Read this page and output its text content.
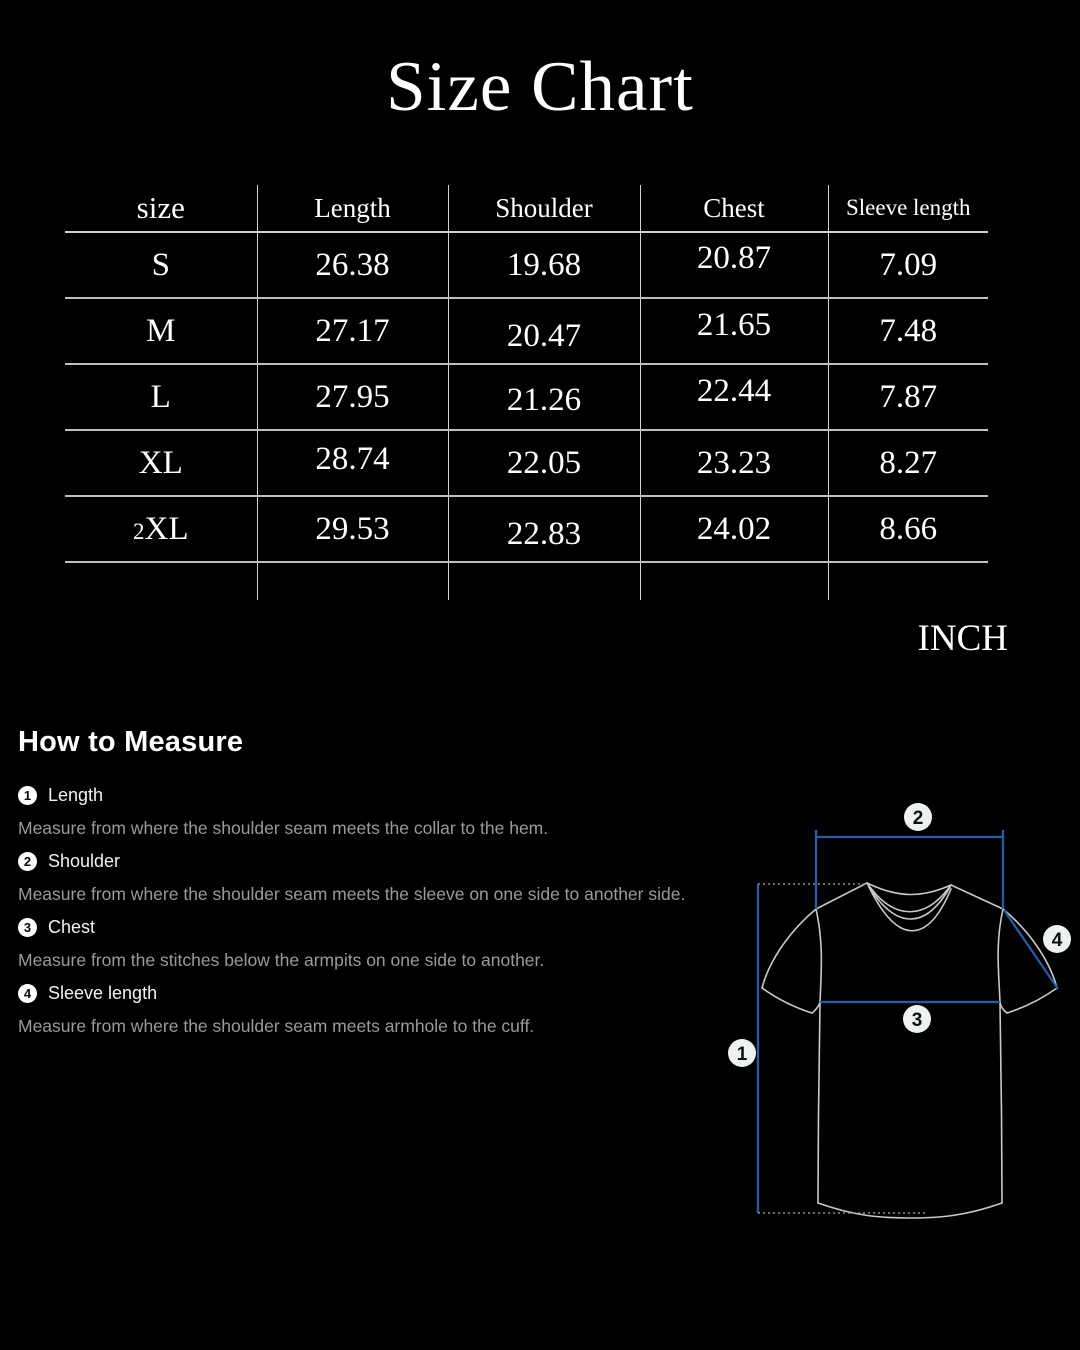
Size Chart
size	Length	Shoulder	Chest	Sleeve length
S	26.38	19.68	20.87	7.09
M	27.17	20.47	21.65	7.48
L	27.95	21.26	22.44	7.87
XL	28.74	22.05	23.23	8.27
2XL	29.53	22.83	24.02	8.66

INCH
How to Measure
1 Length

Measure from where the shoulder seam meets the collar to the hem.

2 Shoulder

Measure from where the shoulder seam meets the sleeve on one side to another side.

3 Chest

Measure from the stitches below the armpits on one side to another.

4 Sleeve length

Measure from where the shoulder seam meets armhole to the cuff.

1
2
3
4
